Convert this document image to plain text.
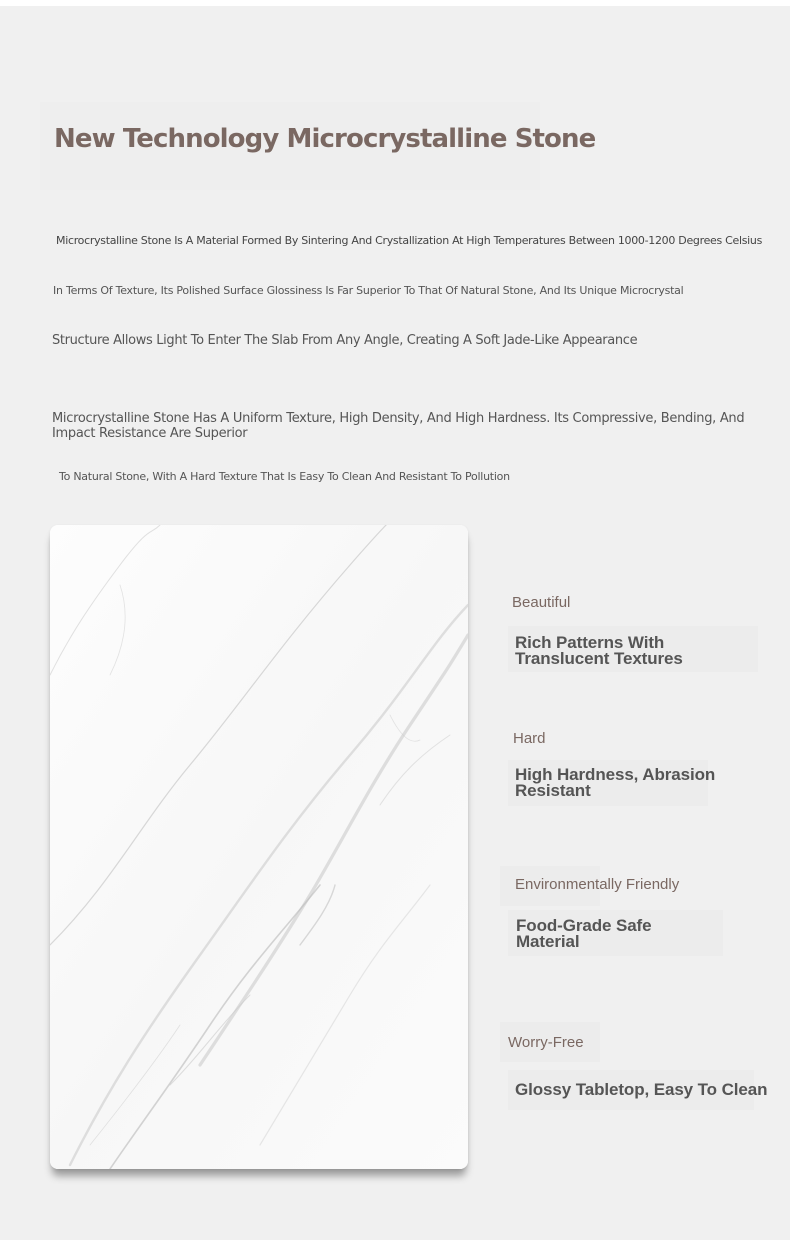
New Technology Microcrystalline Stone

Microcrystalline Stone Is A Material Formed By Sintering And Crystallization At High Temperatures Between 1000-1200 Degrees Celsius

In Terms Of Texture, Its Polished Surface Glossiness Is Far Superior To That Of Natural Stone, And Its Unique Microcrystal

Structure Allows Light To Enter The Slab From Any Angle, Creating A Soft Jade-Like Appearance

Microcrystalline Stone Has A Uniform Texture, High Density, And High Hardness. Its Compressive, Bending, And Impact Resistance Are Superior

To Natural Stone, With A Hard Texture That Is Easy To Clean And Resistant To Pollution

Beautiful

Rich Patterns With
Translucent Textures

Hard

High Hardness, Abrasion
Resistant

Environmentally Friendly

Food-Grade Safe
Material

Worry-Free

Glossy Tabletop, Easy To Clean
